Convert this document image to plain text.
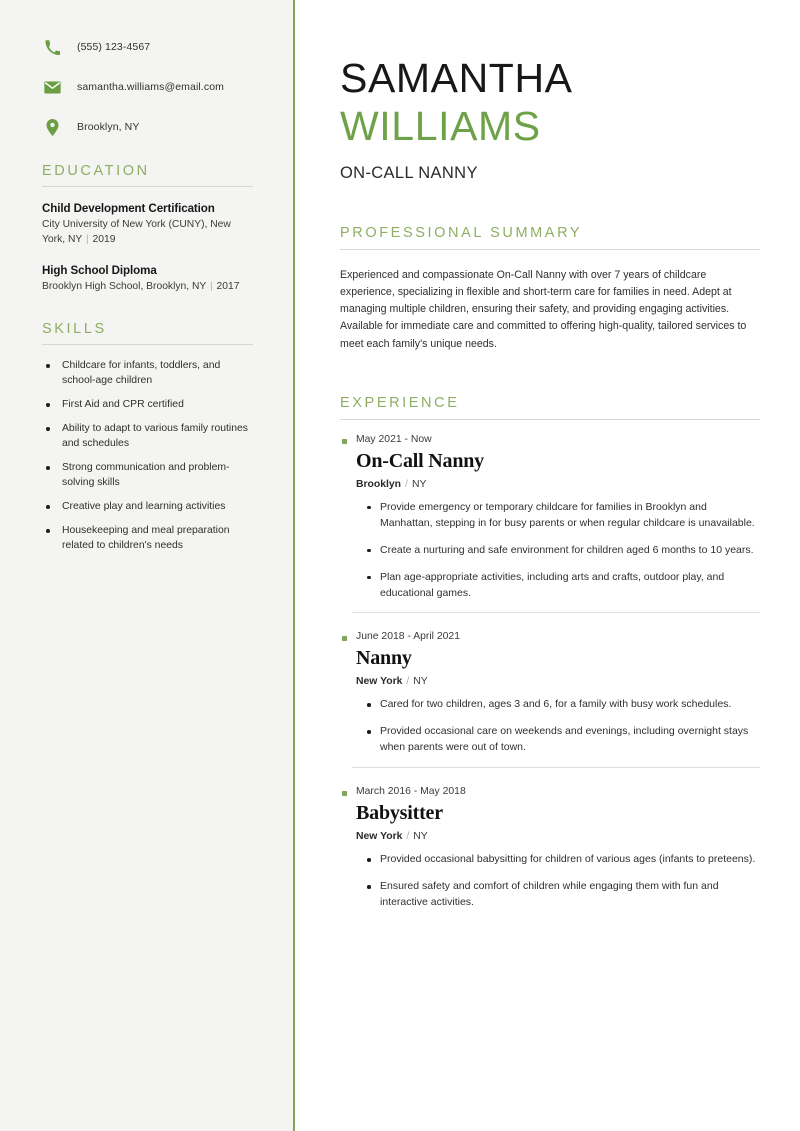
(555) 123-4567
samantha.williams@email.com
Brooklyn, NY
EDUCATION
Child Development Certification
City University of New York (CUNY), New York, NY | 2019
High School Diploma
Brooklyn High School, Brooklyn, NY | 2017
SKILLS
Childcare for infants, toddlers, and school-age children
First Aid and CPR certified
Ability to adapt to various family routines and schedules
Strong communication and problem-solving skills
Creative play and learning activities
Housekeeping and meal preparation related to children's needs
SAMANTHA
WILLIAMS
ON-CALL NANNY
PROFESSIONAL SUMMARY

Experienced and compassionate On-Call Nanny with over 7 years of childcare experience, specializing in flexible and short-term care for families in need. Adept at managing multiple children, ensuring their safety, and providing engaging activities. Available for immediate care and committed to offering high-quality, tailored services to meet each family's unique needs.

EXPERIENCE
May 2021 - Now
On-Call Nanny
Brooklyn / NY
Provide emergency or temporary childcare for families in Brooklyn and Manhattan, stepping in for busy parents or when regular childcare is unavailable.
Create a nurturing and safe environment for children aged 6 months to 10 years.
Plan age-appropriate activities, including arts and crafts, outdoor play, and educational games.
June 2018 - April 2021
Nanny
New York / NY
Cared for two children, ages 3 and 6, for a family with busy work schedules.
Provided occasional care on weekends and evenings, including overnight stays when parents were out of town.
March 2016 - May 2018
Babysitter
New York / NY
Provided occasional babysitting for children of various ages (infants to preteens).
Ensured safety and comfort of children while engaging them with fun and interactive activities.
